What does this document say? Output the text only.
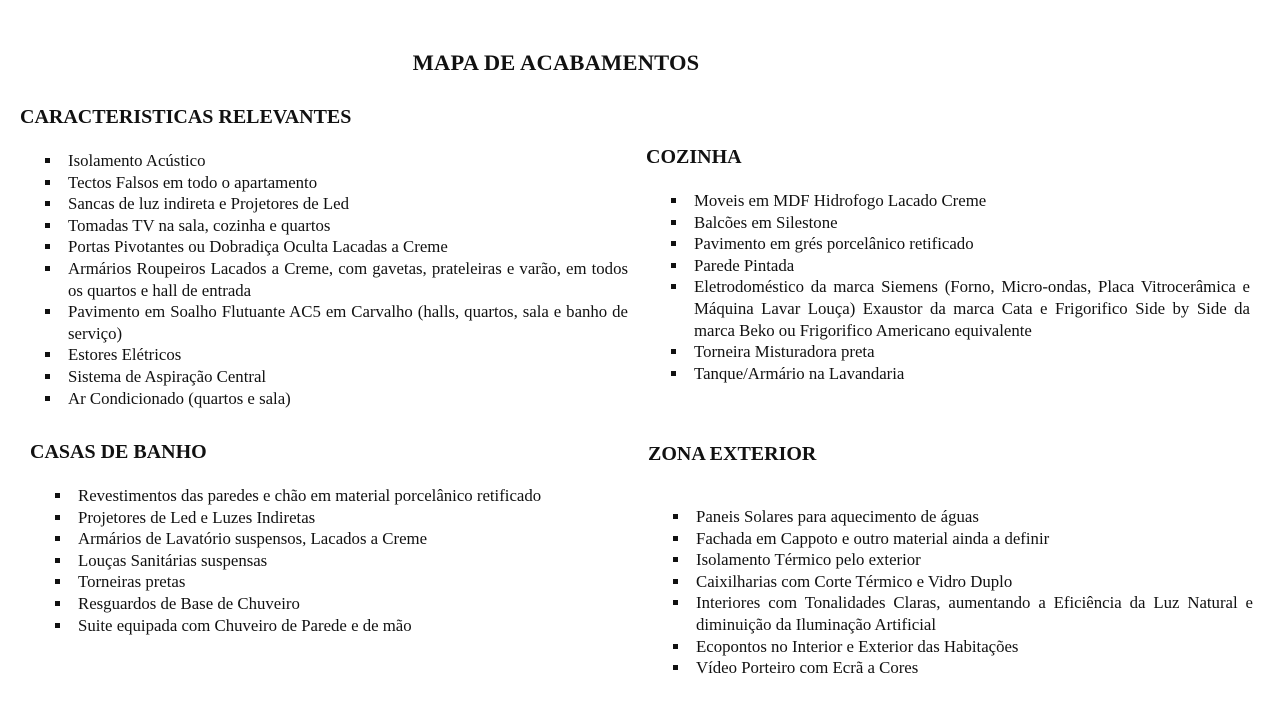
MAPA DE ACABAMENTOS
CARACTERISTICAS RELEVANTES
Isolamento Acústico
Tectos Falsos em todo o apartamento
Sancas de luz indireta e Projetores de Led
Tomadas TV na sala, cozinha e quartos
Portas Pivotantes ou Dobradiça Oculta Lacadas a Creme
Armários Roupeiros Lacados a Creme, com gavetas, prateleiras e varão, em todos os quartos e hall de entrada
Pavimento em Soalho Flutuante AC5 em Carvalho (halls, quartos, sala e banho de serviço)
Estores Elétricos
Sistema de Aspiração Central
Ar Condicionado (quartos e sala)
COZINHA
Moveis em MDF Hidrofogo Lacado Creme
Balcões em Silestone
Pavimento em grés porcelânico retificado
Parede Pintada
Eletrodoméstico da marca Siemens (Forno, Micro-ondas, Placa Vitrocerâmica e Máquina Lavar Louça) Exaustor da marca Cata e Frigorifico Side by Side da marca Beko ou Frigorifico Americano equivalente
Torneira Misturadora preta
Tanque/Armário na Lavandaria
CASAS DE BANHO
Revestimentos das paredes e chão em material porcelânico retificado
Projetores de Led e Luzes Indiretas
Armários de Lavatório suspensos, Lacados a Creme
Louças Sanitárias suspensas
Torneiras pretas
Resguardos de Base de Chuveiro
Suite equipada com Chuveiro de Parede e de mão
ZONA EXTERIOR
Paneis Solares para aquecimento de águas
Fachada em Cappoto e outro material ainda a definir
Isolamento Térmico pelo exterior
Caixilharias com Corte Térmico e Vidro Duplo
Interiores com Tonalidades Claras, aumentando a Eficiência da Luz Natural e diminuição da Iluminação Artificial
Ecopontos no Interior e Exterior das Habitações
Vídeo Porteiro com Ecrã a Cores
